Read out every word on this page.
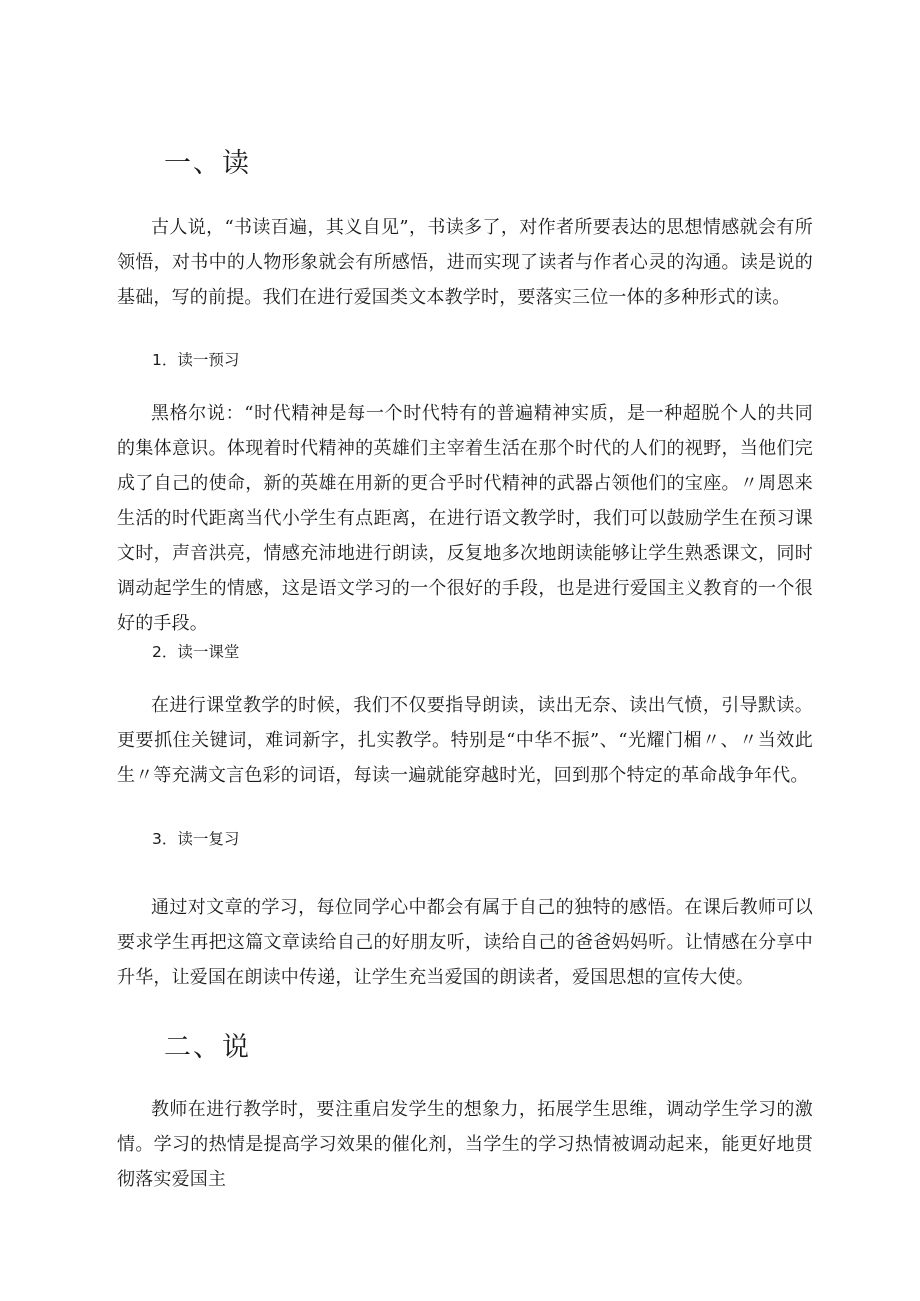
一、读
古人说，“书读百遍，其义自见”，书读多了，对作者所要表达的思想情感就会有所领悟，对书中的人物形象就会有所感悟，进而实现了读者与作者心灵的沟通。读是说的基础，写的前提。我们在进行爱国类文本教学时，要落实三位一体的多种形式的读。
1．读一预习
黑格尔说：“时代精神是每一个时代特有的普遍精神实质，是一种超脱个人的共同的集体意识。体现着时代精神的英雄们主宰着生活在那个时代的人们的视野，当他们完成了自己的使命，新的英雄在用新的更合乎时代精神的武器占领他们的宝座。〃周恩来生活的时代距离当代小学生有点距离，在进行语文教学时，我们可以鼓励学生在预习课文时，声音洪亮，情感充沛地进行朗读，反复地多次地朗读能够让学生熟悉课文，同时调动起学生的情感，这是语文学习的一个很好的手段，也是进行爱国主义教育的一个很好的手段。
2．读一课堂
在进行课堂教学的时候，我们不仅要指导朗读，读出无奈、读出气愤，引导默读。更要抓住关键词，难词新字，扎实教学。特别是“中华不振”、“光耀门楣〃、〃当效此生〃等充满文言色彩的词语，每读一遍就能穿越时光，回到那个特定的革命战争年代。
3．读一复习
通过对文章的学习，每位同学心中都会有属于自己的独特的感悟。在课后教师可以要求学生再把这篇文章读给自己的好朋友听，读给自己的爸爸妈妈听。让情感在分享中升华，让爱国在朗读中传递，让学生充当爱国的朗读者，爱国思想的宣传大使。
二、说
教师在进行教学时，要注重启发学生的想象力，拓展学生思维，调动学生学习的激情。学习的热情是提高学习效果的催化剂，当学生的学习热情被调动起来，能更好地贯彻落实爱国主
